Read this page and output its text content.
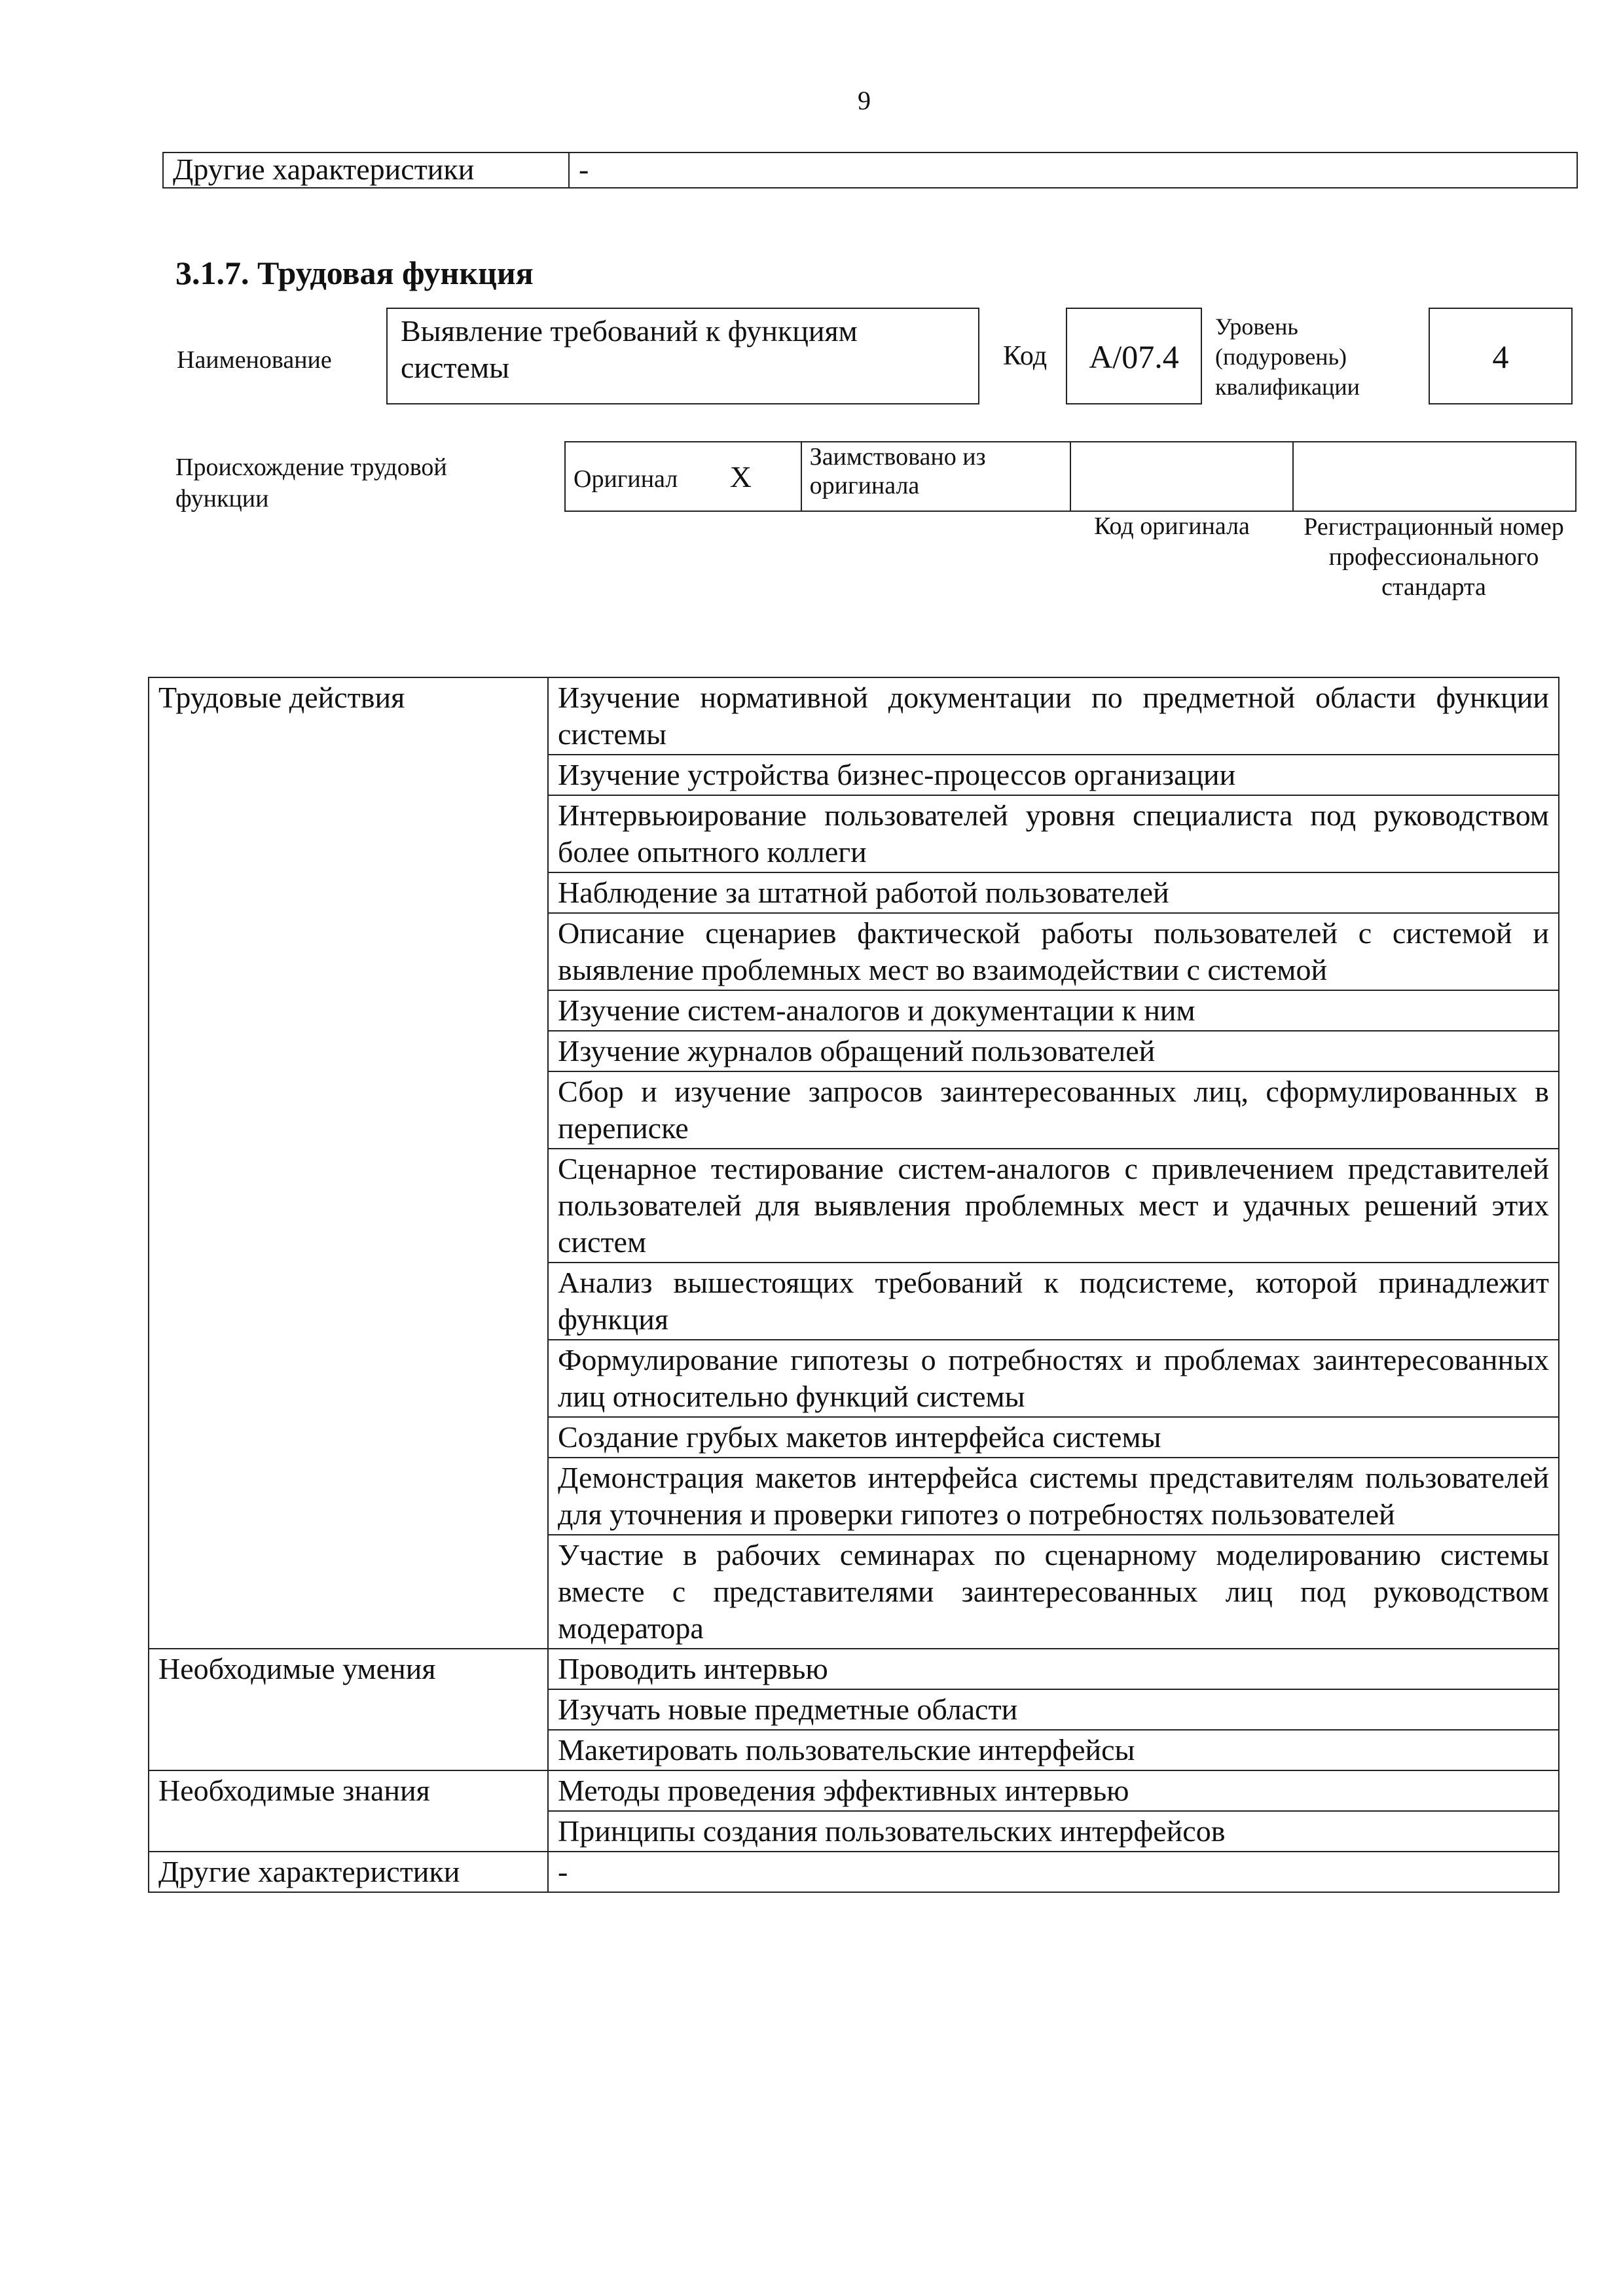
9
Другие характеристики	-
3.1.7. Трудовая функция
Наименование
Выявление требований к функциям системы	Код	A/07.4
Уровень (подуровень) квалификации
4
Происхождение трудовой функции
Оригинал X		Заимствовано из оригинала		
Код оригинала	Регистрационный номер профессионального стандарта
Трудовые действия	Изучение нормативной документации по предметной области функции системы
	Изучение устройства бизнес-процессов организации
	Интервьюирование пользователей уровня специалиста под руководством более опытного коллеги
	Наблюдение за штатной работой пользователей
	Описание сценариев фактической работы пользователей с системой и выявление проблемных мест во взаимодействии с системой
	Изучение систем-аналогов и документации к ним
	Изучение журналов обращений пользователей
	Сбор и изучение запросов заинтересованных лиц, сформулированных в переписке
	Сценарное тестирование систем-аналогов с привлечением представителей пользователей для выявления проблемных мест и удачных решений этих систем
	Анализ вышестоящих требований к подсистеме, которой принадлежит функция
	Формулирование гипотезы о потребностях и проблемах заинтересованных лиц относительно функций системы
	Создание грубых макетов интерфейса системы
	Демонстрация макетов интерфейса системы представителям пользователей для уточнения и проверки гипотез о потребностях пользователей
	Участие в рабочих семинарах по сценарному моделированию системы вместе с представителями заинтересованных лиц под руководством модератора
Необходимые умения	Проводить интервью
	Изучать новые предметные области
	Макетировать пользовательские интерфейсы
Необходимые знания	Методы проведения эффективных интервью
	Принципы создания пользовательских интерфейсов
Другие характеристики	-
